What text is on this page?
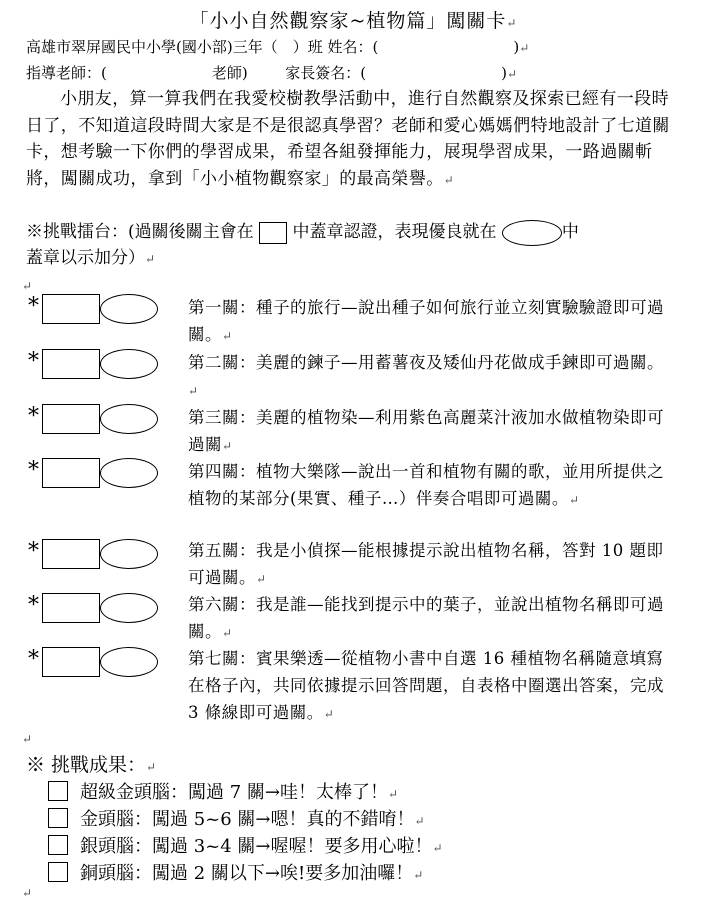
「小小自然觀察家~植物篇」闖關卡↵
高雄市翠屏國民中小學(國小部)三年（　）班 姓名：(　　　　　　　　　)↵
指導老師：(　　　　　　　老師)	家長簽名：(　　　　　　　　　)↵
小朋友，算一算我們在我愛校樹教學活動中，進行自然觀察及探索已經有一段時日了，不知道這段時間大家是不是很認真學習？老師和愛心媽媽們特地設計了七道關卡，想考驗一下你們的學習成果，希望各組發揮能力，展現學習成果，一路過關斬將，闖關成功，拿到「小小植物觀察家」的最高榮譽。↵
※挑戰擂台：(過關後關主會在 中蓋章認證，表現優良就在	中
蓋章以示加分）↵
↵
*	第一關：種子的旅行—說出種子如何旅行並立刻實驗驗證即可過關。↵
*	第二關：美麗的鍊子—用蓄薯夜及矮仙丹花做成手鍊即可過關。↵
*	第三關：美麗的植物染—利用紫色高麗菜汁液加水做植物染即可過關↵
*	第四關：植物大樂隊—說出一首和植物有關的歌，並用所提供之植物的某部分(果實、種子…）伴奏合唱即可過關。↵
*	第五關：我是小偵探—能根據提示說出植物名稱，答對 10 題即可過關。↵
*	第六關：我是誰—能找到提示中的葉子，並說出植物名稱即可過關。↵
*	第七關：賓果樂透—從植物小書中自選 16 種植物名稱隨意填寫在格子內，共同依據提示回答問題，自表格中圈選出答案，完成 3 條線即可過關。↵
↵
※ 挑戰成果：↵
超級金頭腦：闖過 7 關→哇！太棒了！↵
金頭腦：闖過 5~6 關→嗯！真的不錯唷！↵
銀頭腦：闖過 3~4 關→喔喔！要多用心啦！↵
銅頭腦：闖過 2 關以下→唉!要多加油囉！↵
↵
